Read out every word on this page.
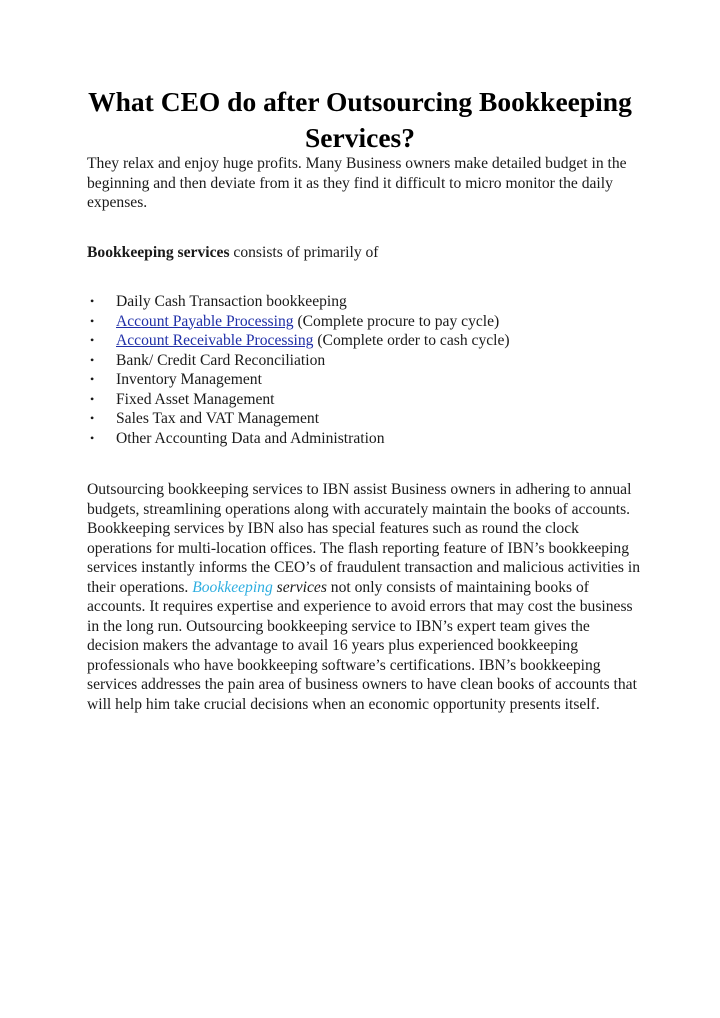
What CEO do after Outsourcing Bookkeeping Services?

They relax and enjoy huge profits. Many Business owners make detailed budget in the beginning and then deviate from it as they find it difficult to micro monitor the daily expenses.

Bookkeeping services consists of primarily of

• Daily Cash Transaction bookkeeping
• Account Payable Processing (Complete procure to pay cycle)
• Account Receivable Processing (Complete order to cash cycle)
• Bank/ Credit Card Reconciliation
• Inventory Management
• Fixed Asset Management
• Sales Tax and VAT Management
• Other Accounting Data and Administration

Outsourcing bookkeeping services to IBN assist Business owners in adhering to annual budgets, streamlining operations along with accurately maintain the books of accounts. Bookkeeping services by IBN also has special features such as round the clock operations for multi-location offices. The flash reporting feature of IBN’s bookkeeping services instantly informs the CEO’s of fraudulent transaction and malicious activities in their operations. Bookkeeping services not only consists of maintaining books of accounts. It requires expertise and experience to avoid errors that may cost the business in the long run. Outsourcing bookkeeping service to IBN’s expert team gives the decision makers the advantage to avail 16 years plus experienced bookkeeping professionals who have bookkeeping software’s certifications. IBN’s bookkeeping services addresses the pain area of business owners to have clean books of accounts that will help him take crucial decisions when an economic opportunity presents itself.
